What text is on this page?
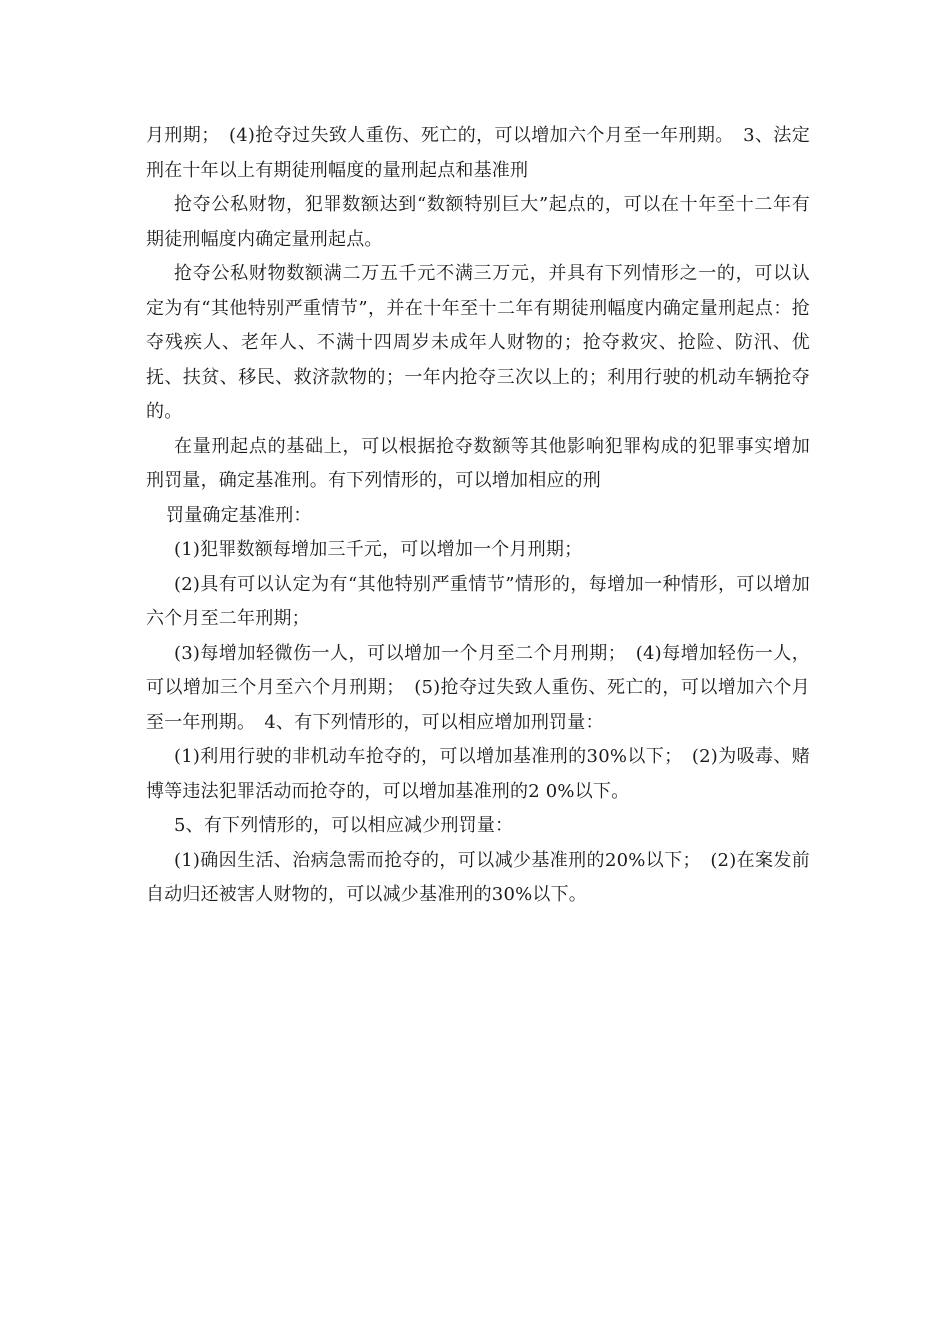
月刑期；　(4)抢夺过失致人重伤、死亡的，可以增加六个月至一年刑期。　3、法定刑在十年以上有期徒刑幅度的量刑起点和基准刑

抢夺公私财物，犯罪数额达到“数额特别巨大”起点的，可以在十年至十二年有期徒刑幅度内确定量刑起点。

抢夺公私财物数额满二万五千元不满三万元，并具有下列情形之一的，可以认定为有“其他特别严重情节”，并在十年至十二年有期徒刑幅度内确定量刑起点：抢夺残疾人、老年人、不满十四周岁未成年人财物的；抢夺救灾、抢险、防汛、优抚、扶贫、移民、救济款物的；一年内抢夺三次以上的；利用行驶的机动车辆抢夺的。

在量刑起点的基础上，可以根据抢夺数额等其他影响犯罪构成的犯罪事实增加刑罚量，确定基准刑。有下列情形的，可以增加相应的刑

罚量确定基准刑：

(1)犯罪数额每增加三千元，可以增加一个月刑期；

(2)具有可以认定为有“其他特别严重情节”情形的，每增加一种情形，可以增加六个月至二年刑期；

(3)每增加轻微伤一人，可以增加一个月至二个月刑期；　(4)每增加轻伤一人，可以增加三个月至六个月刑期；　(5)抢夺过失致人重伤、死亡的，可以增加六个月至一年刑期。　4、有下列情形的，可以相应增加刑罚量：

(1)利用行驶的非机动车抢夺的，可以增加基准刑的30%以下；　(2)为吸毒、赌博等违法犯罪活动而抢夺的，可以增加基准刑的2 0%以下。

5、有下列情形的，可以相应减少刑罚量：

(1)确因生活、治病急需而抢夺的，可以减少基准刑的20%以下；　(2)在案发前自动归还被害人财物的，可以减少基准刑的30%以下。
